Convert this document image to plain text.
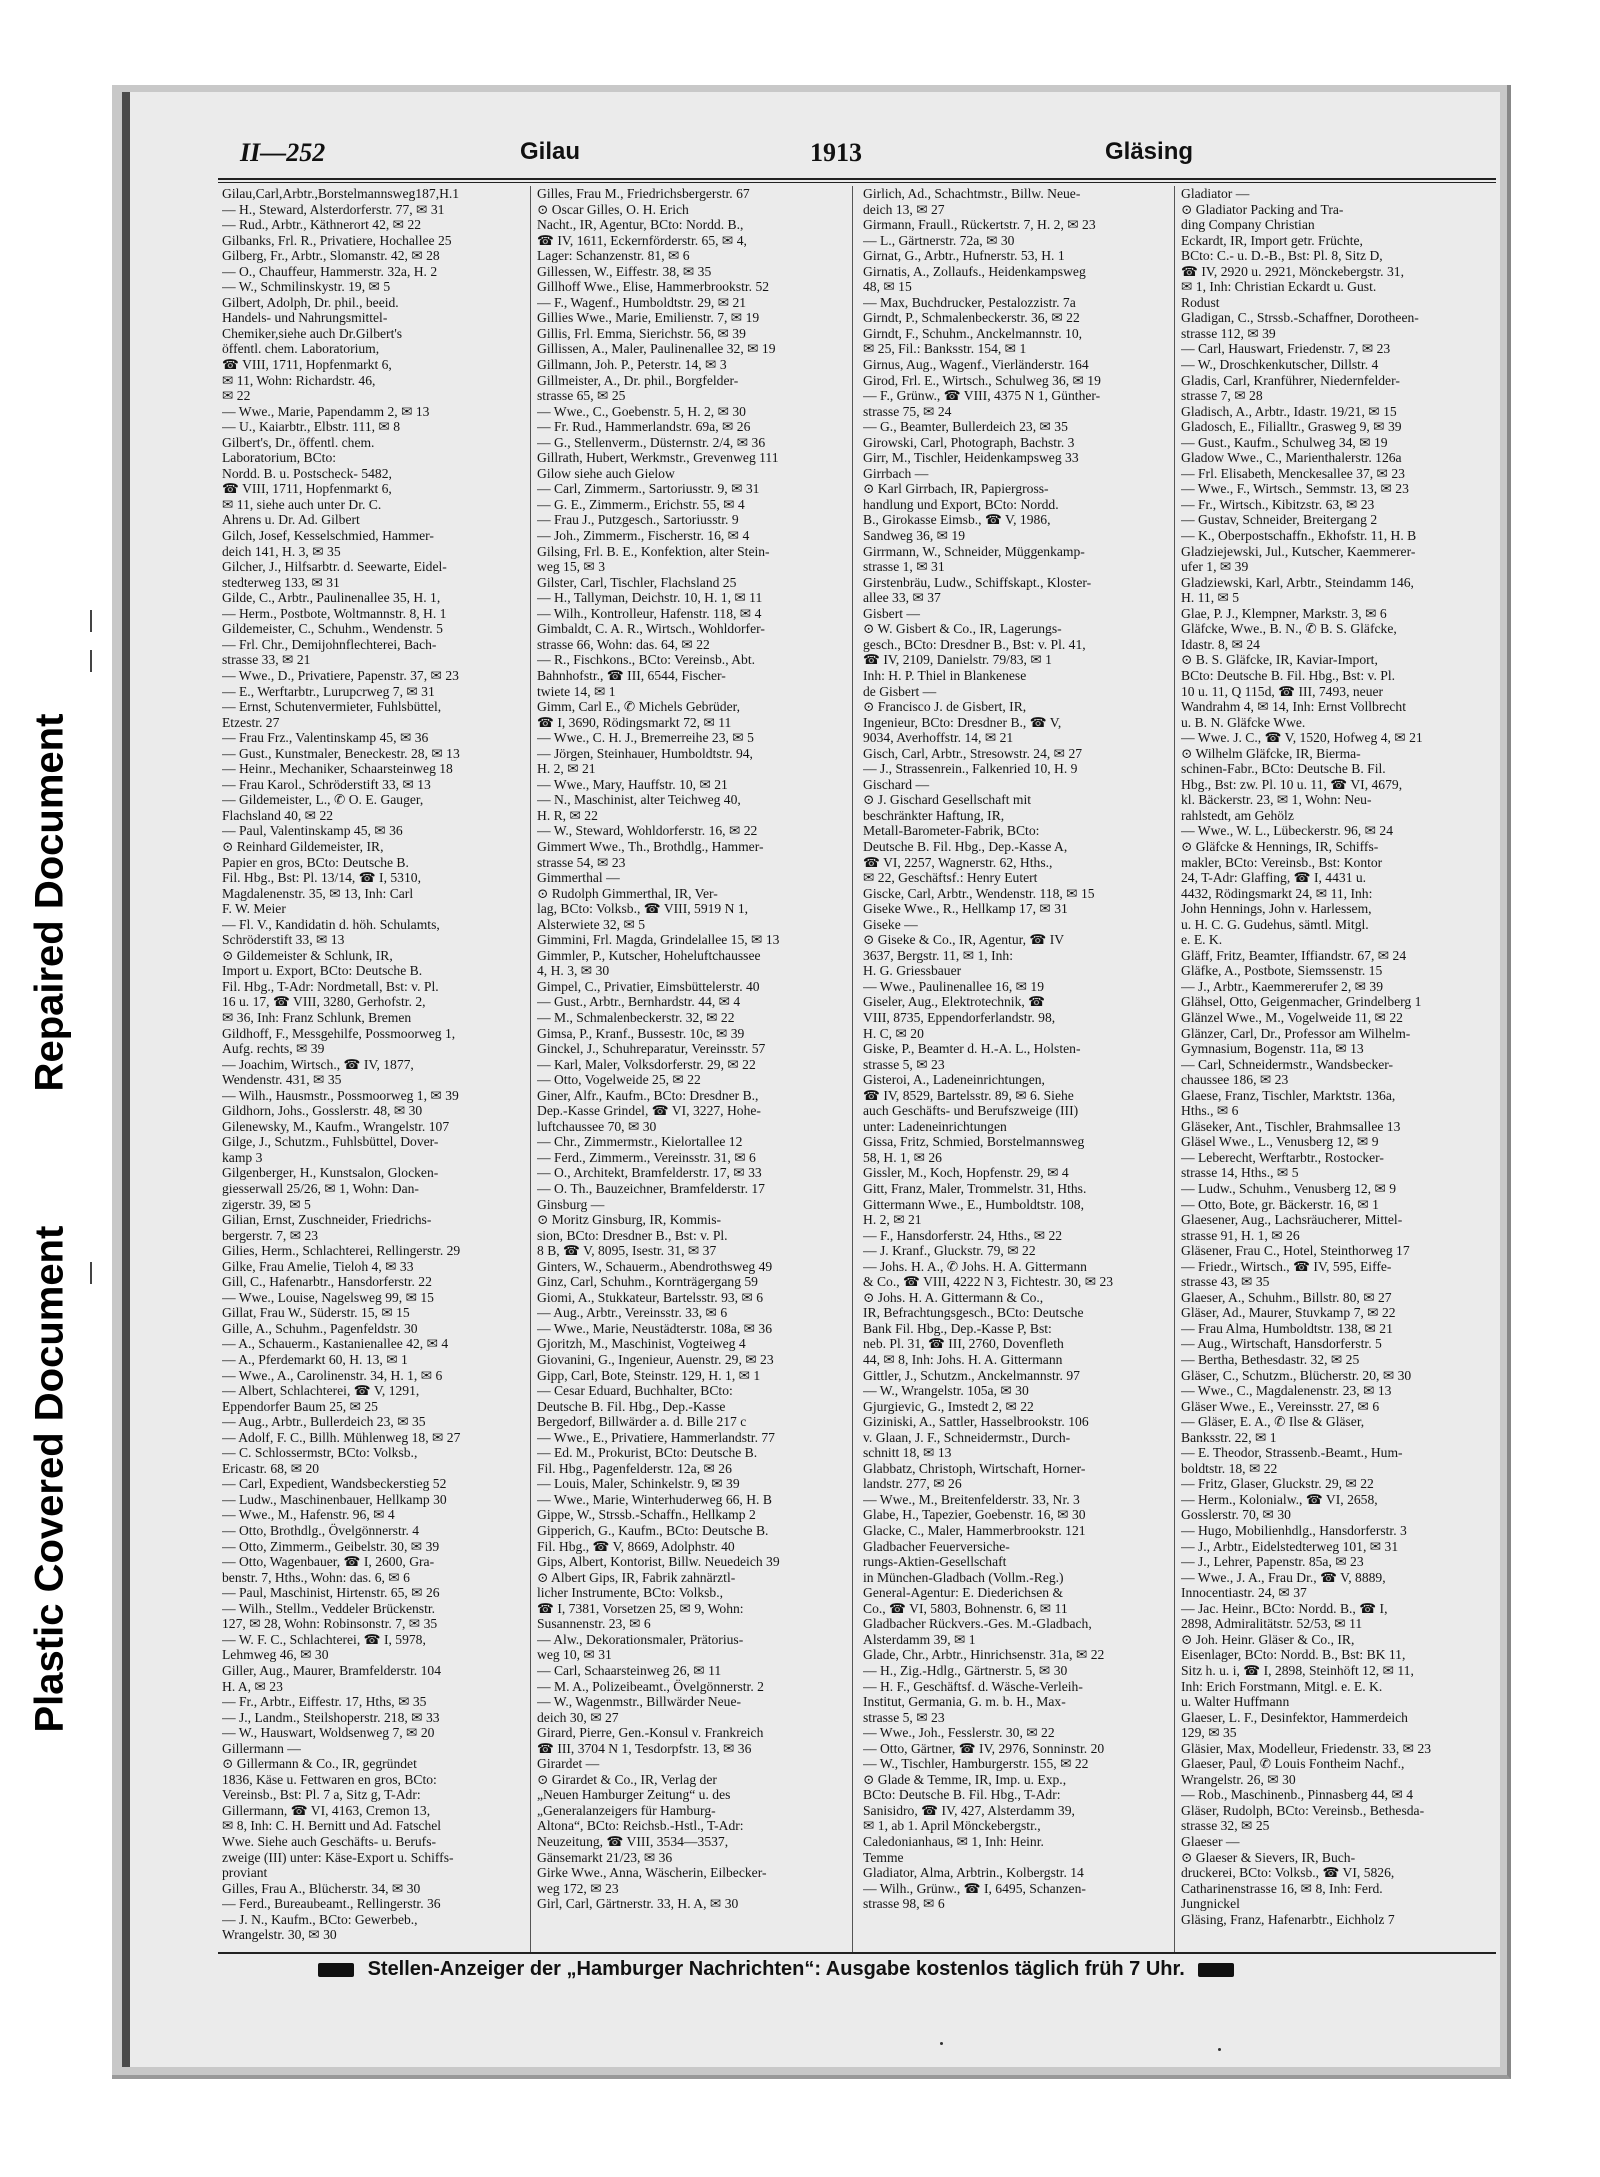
Repaired Document
Plastic Covered Document
II—252	Gilau	1913	Gläsing
Gilau,Carl,Arbtr.,Borstelmannsweg187,H.1
— H., Steward, Alsterdorferstr. 77, ✉ 31
— Rud., Arbtr., Käthnerort 42, ✉ 22
Gilbanks, Frl. R., Privatiere, Hochallee 25
Gilberg, Fr., Arbtr., Slomanstr. 42, ✉ 28
— O., Chauffeur, Hammerstr. 32a, H. 2
— W., Schmilinskystr. 19, ✉ 5
Gilbert, Adolph, Dr. phil., beeid.
Handels- und Nahrungsmittel-
Chemiker,siehe auch Dr.Gilbert's
öffentl. chem. Laboratorium,
☎ VIII, 1711, Hopfenmarkt 6,
✉ 11, Wohn: Richardstr. 46,
✉ 22
— Wwe., Marie, Papendamm 2, ✉ 13
— U., Kaiarbtr., Elbstr. 111, ✉ 8
Gilbert's, Dr., öffentl. chem.
Laboratorium, BCto:
Nordd. B. u. Postscheck- 5482,
☎ VIII, 1711, Hopfenmarkt 6,
✉ 11, siehe auch unter Dr. C.
Ahrens u. Dr. Ad. Gilbert
Gilch, Josef, Kesselschmied, Hammer-
deich 141, H. 3, ✉ 35
Gilcher, J., Hilfsarbtr. d. Seewarte, Eidel-
stedterweg 133, ✉ 31
Gilde, C., Arbtr., Paulinenallee 35, H. 1,
— Herm., Postbote, Woltmannstr. 8, H. 1
Gildemeister, C., Schuhm., Wendenstr. 5
— Frl. Chr., Demijohnflechterei, Bach-
strasse 33, ✉ 21
— Wwe., D., Privatiere, Papenstr. 37, ✉ 23
— E., Werftarbtr., Lurupcrweg 7, ✉ 31
— Ernst, Schutenvermieter, Fuhlsbüttel,
Etzestr. 27
— Frau Frz., Valentinskamp 45, ✉ 36
— Gust., Kunstmaler, Beneckestr. 28, ✉ 13
— Heinr., Mechaniker, Schaarsteinweg 18
— Frau Karol., Schröderstift 33, ✉ 13
— Gildemeister, L., ✆ O. E. Gauger,
Flachsland 40, ✉ 22
— Paul, Valentinskamp 45, ✉ 36
⊙ Reinhard Gildemeister, IR,
Papier en gros, BCto: Deutsche B.
Fil. Hbg., Bst: Pl. 13/14, ☎ I, 5310,
Magdalenenstr. 35, ✉ 13, Inh: Carl
F. W. Meier
— Fl. V., Kandidatin d. höh. Schulamts,
Schröderstift 33, ✉ 13
⊙ Gildemeister & Schlunk, IR,
Import u. Export, BCto: Deutsche B.
Fil. Hbg., T-Adr: Nordmetall, Bst: v. Pl.
16 u. 17, ☎ VIII, 3280, Gerhofstr. 2,
✉ 36, Inh: Franz Schlunk, Bremen
Gildhoff, F., Messgehilfe, Possmoorweg 1,
Aufg. rechts, ✉ 39
— Joachim, Wirtsch., ☎ IV, 1877,
Wendenstr. 431, ✉ 35
— Wilh., Hausmstr., Possmoorweg 1, ✉ 39
Gildhorn, Johs., Gosslerstr. 48, ✉ 30
Gilenewsky, M., Kaufm., Wrangelstr. 107
Gilge, J., Schutzm., Fuhlsbüttel, Dover-
kamp 3
Gilgenberger, H., Kunstsalon, Glocken-
giesserwall 25/26, ✉ 1, Wohn: Dan-
zigerstr. 39, ✉ 5
Gilian, Ernst, Zuschneider, Friedrichs-
bergerstr. 7, ✉ 23
Gilies, Herm., Schlachterei, Rellingerstr. 29
Gilke, Frau Amelie, Tieloh 4, ✉ 33
Gill, C., Hafenarbtr., Hansdorferstr. 22
— Wwe., Louise, Nagelsweg 99, ✉ 15
Gillat, Frau W., Süderstr. 15, ✉ 15
Gille, A., Schuhm., Pagenfeldstr. 30
— A., Schauerm., Kastanienallee 42, ✉ 4
— A., Pferdemarkt 60, H. 13, ✉ 1
— Wwe., A., Carolinenstr. 34, H. 1, ✉ 6
— Albert, Schlachterei, ☎ V, 1291,
Eppendorfer Baum 25, ✉ 25
— Aug., Arbtr., Bullerdeich 23, ✉ 35
— Adolf, F. C., Billh. Mühlenweg 18, ✉ 27
— C. Schlossermstr, BCto: Volksb.,
Ericastr. 68, ✉ 20
— Carl, Expedient, Wandsbeckerstieg 52
— Ludw., Maschinenbauer, Hellkamp 30
— Wwe., M., Hafenstr. 96, ✉ 4
— Otto, Brothdlg., Övelgönnerstr. 4
— Otto, Zimmerm., Geibelstr. 30, ✉ 39
— Otto, Wagenbauer, ☎ I, 2600, Gra-
benstr. 7, Hths., Wohn: das. 6, ✉ 6
— Paul, Maschinist, Hirtenstr. 65, ✉ 26
— Wilh., Stellm., Veddeler Brückenstr.
127, ✉ 28, Wohn: Robinsonstr. 7, ✉ 35
— W. F. C., Schlachterei, ☎ I, 5978,
Lehmweg 46, ✉ 30
Giller, Aug., Maurer, Bramfelderstr. 104
H. A, ✉ 23
— Fr., Arbtr., Eiffestr. 17, Hths, ✉ 35
— J., Landm., Steilshoperstr. 218, ✉ 33
— W., Hauswart, Woldsenweg 7, ✉ 20
Gillermann —
⊙ Gillermann & Co., IR, gegründet
1836, Käse u. Fettwaren en gros, BCto:
Vereinsb., Bst: Pl. 7 a, Sitz g, T-Adr:
Gillermann, ☎ VI, 4163, Cremon 13,
✉ 8, Inh: C. H. Bernitt und Ad. Fatschel
Wwe. Siehe auch Geschäfts- u. Berufs-
zweige (III) unter: Käse-Export u. Schiffs-
proviant
Gilles, Frau A., Blücherstr. 34, ✉ 30
— Ferd., Bureaubeamt., Rellingerstr. 36
— J. N., Kaufm., BCto: Gewerbeb.,
Wrangelstr. 30, ✉ 30
Gilles, Frau M., Friedrichsbergerstr. 67
⊙ Oscar Gilles, O. H. Erich
Nacht., IR, Agentur, BCto: Nordd. B.,
☎ IV, 1611, Eckernförderstr. 65, ✉ 4,
Lager: Schanzenstr. 81, ✉ 6
Gillessen, W., Eiffestr. 38, ✉ 35
Gillhoff Wwe., Elise, Hammerbrookstr. 52
— F., Wagenf., Humboldtstr. 29, ✉ 21
Gillies Wwe., Marie, Emilienstr. 7, ✉ 19
Gillis, Frl. Emma, Sierichstr. 56, ✉ 39
Gillissen, A., Maler, Paulinenallee 32, ✉ 19
Gillmann, Joh. P., Peterstr. 14, ✉ 3
Gillmeister, A., Dr. phil., Borgfelder-
strasse 65, ✉ 25
— Wwe., C., Goebenstr. 5, H. 2, ✉ 30
— Fr. Rud., Hammerlandstr. 69a, ✉ 26
— G., Stellenverm., Düsternstr. 2/4, ✉ 36
Gillrath, Hubert, Werkmstr., Grevenweg 111
Gilow siehe auch Gielow
— Carl, Zimmerm., Sartoriusstr. 9, ✉ 31
— G. E., Zimmerm., Erichstr. 55, ✉ 4
— Frau J., Putzgesch., Sartoriusstr. 9
— Joh., Zimmerm., Fischerstr. 16, ✉ 4
Gilsing, Frl. B. E., Konfektion, alter Stein-
weg 15, ✉ 3
Gilster, Carl, Tischler, Flachsland 25
— H., Tallyman, Deichstr. 10, H. 1, ✉ 11
— Wilh., Kontrolleur, Hafenstr. 118, ✉ 4
Gimbaldt, C. A. R., Wirtsch., Wohldorfer-
strasse 66, Wohn: das. 64, ✉ 22
— R., Fischkons., BCto: Vereinsb., Abt.
Bahnhofstr., ☎ III, 6544, Fischer-
twiete 14, ✉ 1
Gimm, Carl E., ✆ Michels Gebrüder,
☎ I, 3690, Rödingsmarkt 72, ✉ 11
— Wwe., C. H. J., Bremerreihe 23, ✉ 5
— Jörgen, Steinhauer, Humboldtstr. 94,
H. 2, ✉ 21
— Wwe., Mary, Hauffstr. 10, ✉ 21
— N., Maschinist, alter Teichweg 40,
H. R, ✉ 22
— W., Steward, Wohldorferstr. 16, ✉ 22
Gimmert Wwe., Th., Brothdlg., Hammer-
strasse 54, ✉ 23
Gimmerthal —
⊙ Rudolph Gimmerthal, IR, Ver-
lag, BCto: Volksb., ☎ VIII, 5919 N 1,
Alsterwiete 32, ✉ 5
Gimmini, Frl. Magda, Grindelallee 15, ✉ 13
Gimmler, P., Kutscher, Hoheluftchaussee
4, H. 3, ✉ 30
Gimpel, C., Privatier, Eimsbüttelerstr. 40
— Gust., Arbtr., Bernhardstr. 44, ✉ 4
— M., Schmalenbeckerstr. 32, ✉ 22
Gimsa, P., Kranf., Bussestr. 10c, ✉ 39
Ginckel, J., Schuhreparatur, Vereinsstr. 57
— Karl, Maler, Volksdorferstr. 29, ✉ 22
— Otto, Vogelweide 25, ✉ 22
Giner, Alfr., Kaufm., BCto: Dresdner B.,
Dep.-Kasse Grindel, ☎ VI, 3227, Hohe-
luftchaussee 70, ✉ 30
— Chr., Zimmermstr., Kielortallee 12
— Ferd., Zimmerm., Vereinsstr. 31, ✉ 6
— O., Architekt, Bramfelderstr. 17, ✉ 33
— O. Th., Bauzeichner, Bramfelderstr. 17
Ginsburg —
⊙ Moritz Ginsburg, IR, Kommis-
sion, BCto: Dresdner B., Bst: v. Pl.
8 B, ☎ V, 8095, Isestr. 31, ✉ 37
Ginters, W., Schauerm., Abendrothsweg 49
Ginz, Carl, Schuhm., Kornträgergang 59
Giomi, A., Stukkateur, Bartelsstr. 93, ✉ 6
— Aug., Arbtr., Vereinsstr. 33, ✉ 6
— Wwe., Marie, Neustädterstr. 108a, ✉ 36
Gjoritzh, M., Maschinist, Vogteiweg 4
Giovanini, G., Ingenieur, Auenstr. 29, ✉ 23
Gipp, Carl, Bote, Steinstr. 129, H. 1, ✉ 1
— Cesar Eduard, Buchhalter, BCto:
Deutsche B. Fil. Hbg., Dep.-Kasse
Bergedorf, Billwärder a. d. Bille 217 c
— Wwe., E., Privatiere, Hammerlandstr. 77
— Ed. M., Prokurist, BCto: Deutsche B.
Fil. Hbg., Pagenfelderstr. 12a, ✉ 26
— Louis, Maler, Schinkelstr. 9, ✉ 39
— Wwe., Marie, Winterhuderweg 66, H. B
Gippe, W., Strssb.-Schaffn., Hellkamp 2
Gipperich, G., Kaufm., BCto: Deutsche B.
Fil. Hbg., ☎ V, 8669, Adolphstr. 40
Gips, Albert, Kontorist, Billw. Neuedeich 39
⊙ Albert Gips, IR, Fabrik zahnärztl-
licher Instrumente, BCto: Volksb.,
☎ I, 7381, Vorsetzen 25, ✉ 9, Wohn:
Susannenstr. 23, ✉ 6
— Alw., Dekorationsmaler, Prätorius-
weg 10, ✉ 31
— Carl, Schaarsteinweg 26, ✉ 11
— M. A., Polizeibeamt., Övelgönnerstr. 2
— W., Wagenmstr., Billwärder Neue-
deich 30, ✉ 27
Girard, Pierre, Gen.-Konsul v. Frankreich
☎ III, 3704 N 1, Tesdorpfstr. 13, ✉ 36
Girardet —
⊙ Girardet & Co., IR, Verlag der
„Neuen Hamburger Zeitung“ u. des
„Generalanzeigers für Hamburg-
Altona“, BCto: Reichsb.-Hstl., T-Adr:
Neuzeitung, ☎ VIII, 3534—3537,
Gänsemarkt 21/23, ✉ 36
Girke Wwe., Anna, Wäscherin, Eilbecker-
weg 172, ✉ 23
Girl, Carl, Gärtnerstr. 33, H. A, ✉ 30
Girlich, Ad., Schachtmstr., Billw. Neue-
deich 13, ✉ 27
Girmann, Fraull., Rückertstr. 7, H. 2, ✉ 23
— L., Gärtnerstr. 72a, ✉ 30
Girnat, G., Arbtr., Hufnerstr. 53, H. 1
Girnatis, A., Zollaufs., Heidenkampsweg
48, ✉ 15
— Max, Buchdrucker, Pestalozzistr. 7a
Girndt, P., Schmalenbeckerstr. 36, ✉ 22
Girndt, F., Schuhm., Anckelmannstr. 10,
✉ 25, Fil.: Banksstr. 154, ✉ 1
Girnus, Aug., Wagenf., Vierländerstr. 164
Girod, Frl. E., Wirtsch., Schulweg 36, ✉ 19
— F., Grünw., ☎ VIII, 4375 N 1, Günther-
strasse 75, ✉ 24
— G., Beamter, Bullerdeich 23, ✉ 35
Girowski, Carl, Photograph, Bachstr. 3
Girr, M., Tischler, Heidenkampsweg 33
Girrbach —
⊙ Karl Girrbach, IR, Papiergross-
handlung und Export, BCto: Nordd.
B., Girokasse Eimsb., ☎ V, 1986,
Sandweg 36, ✉ 19
Girrmann, W., Schneider, Müggenkamp-
strasse 1, ✉ 31
Girstenbräu, Ludw., Schiffskapt., Kloster-
allee 33, ✉ 37
Gisbert —
⊙ W. Gisbert & Co., IR, Lagerungs-
gesch., BCto: Dresdner B., Bst: v. Pl. 41,
☎ IV, 2109, Danielstr. 79/83, ✉ 1
Inh: H. P. Thiel in Blankenese
de Gisbert —
⊙ Francisco J. de Gisbert, IR,
Ingenieur, BCto: Dresdner B., ☎ V,
9034, Averhoffstr. 14, ✉ 21
Gisch, Carl, Arbtr., Stresowstr. 24, ✉ 27
— J., Strassenrein., Falkenried 10, H. 9
Gischard —
⊙ J. Gischard Gesellschaft mit
beschränkter Haftung, IR,
Metall-Barometer-Fabrik, BCto:
Deutsche B. Fil. Hbg., Dep.-Kasse A,
☎ VI, 2257, Wagnerstr. 62, Hths.,
✉ 22, Geschäftsf.: Henry Eutert
Giscke, Carl, Arbtr., Wendenstr. 118, ✉ 15
Giseke Wwe., R., Hellkamp 17, ✉ 31
Giseke —
⊙ Giseke & Co., IR, Agentur, ☎ IV
3637, Bergstr. 11, ✉ 1, Inh:
H. G. Griessbauer
— Wwe., Paulinenallee 16, ✉ 19
Giseler, Aug., Elektrotechnik, ☎
VIII, 8735, Eppendorferlandstr. 98,
H. C, ✉ 20
Giske, P., Beamter d. H.-A. L., Holsten-
strasse 5, ✉ 23
Gisteroi, A., Ladeneinrichtungen,
☎ IV, 8529, Bartelsstr. 89, ✉ 6. Siehe
auch Geschäfts- und Berufszweige (III)
unter: Ladeneinrichtungen
Gissa, Fritz, Schmied, Borstelmannsweg
58, H. 1, ✉ 26
Gissler, M., Koch, Hopfenstr. 29, ✉ 4
Gitt, Franz, Maler, Trommelstr. 31, Hths.
Gittermann Wwe., E., Humboldtstr. 108,
H. 2, ✉ 21
— F., Hansdorferstr. 24, Hths., ✉ 22
— J. Kranf., Gluckstr. 79, ✉ 22
— Johs. H. A., ✆ Johs. H. A. Gittermann
& Co., ☎ VIII, 4222 N 3, Fichtestr. 30, ✉ 23
⊙ Johs. H. A. Gittermann & Co.,
IR, Befrachtungsgesch., BCto: Deutsche
Bank Fil. Hbg., Dep.-Kasse P, Bst:
neb. Pl. 31, ☎ III, 2760, Dovenfleth
44, ✉ 8, Inh: Johs. H. A. Gittermann
Gittler, J., Schutzm., Anckelmannstr. 97
— W., Wrangelstr. 105a, ✉ 30
Gjurgievic, G., Imstedt 2, ✉ 22
Giziniski, A., Sattler, Hasselbrookstr. 106
v. Glaan, J. F., Schneidermstr., Durch-
schnitt 18, ✉ 13
Glabbatz, Christoph, Wirtschaft, Horner-
landstr. 277, ✉ 26
— Wwe., M., Breitenfelderstr. 33, Nr. 3
Glabe, H., Tapezier, Goebenstr. 16, ✉ 30
Glacke, C., Maler, Hammerbrookstr. 121
Gladbacher Feuerversiche-
rungs-Aktien-Gesellschaft
in München-Gladbach (Vollm.-Reg.)
General-Agentur: E. Diederichsen &
Co., ☎ VI, 5803, Bohnenstr. 6, ✉ 11
Gladbacher Rückvers.-Ges. M.-Gladbach,
Alsterdamm 39, ✉ 1
Glade, Chr., Arbtr., Hinrichsenstr. 31a, ✉ 22
— H., Zig.-Hdlg., Gärtnerstr. 5, ✉ 30
— H. F., Geschäftsf. d. Wäsche-Verleih-
Institut, Germania, G. m. b. H., Max-
strasse 5, ✉ 23
— Wwe., Joh., Fesslerstr. 30, ✉ 22
— Otto, Gärtner, ☎ IV, 2976, Sonninstr. 20
— W., Tischler, Hamburgerstr. 155, ✉ 22
⊙ Glade & Temme, IR, Imp. u. Exp.,
BCto: Deutsche B. Fil. Hbg., T-Adr:
Sanisidro, ☎ IV, 427, Alsterdamm 39,
✉ 1, ab 1. April Mönckebergstr.,
Caledonianhaus, ✉ 1, Inh: Heinr.
Temme
Gladiator, Alma, Arbtrin., Kolbergstr. 14
— Wilh., Grünw., ☎ I, 6495, Schanzen-
strasse 98, ✉ 6
Gladiator —
⊙ Gladiator Packing and Tra-
ding Company Christian
Eckardt, IR, Import getr. Früchte,
BCto: C.- u. D.-B., Bst: Pl. 8, Sitz D,
☎ IV, 2920 u. 2921, Mönckebergstr. 31,
✉ 1, Inh: Christian Eckardt u. Gust.
Rodust
Gladigan, C., Strssb.-Schaffner, Dorotheen-
strasse 112, ✉ 39
— Carl, Hauswart, Friedenstr. 7, ✉ 23
— W., Droschkenkutscher, Dillstr. 4
Gladis, Carl, Kranführer, Niedernfelder-
strasse 7, ✉ 28
Gladisch, A., Arbtr., Idastr. 19/21, ✉ 15
Gladosch, E., Filialltr., Grasweg 9, ✉ 39
— Gust., Kaufm., Schulweg 34, ✉ 19
Gladow Wwe., C., Marienthalerstr. 126a
— Frl. Elisabeth, Menckesallee 37, ✉ 23
— Wwe., F., Wirtsch., Semmstr. 13, ✉ 23
— Fr., Wirtsch., Kibitzstr. 63, ✉ 23
— Gustav, Schneider, Breitergang 2
— K., Oberpostschaffn., Ekhofstr. 11, H. B
Gladziejewski, Jul., Kutscher, Kaemmerer-
ufer 1, ✉ 39
Gladziewski, Karl, Arbtr., Steindamm 146,
H. 11, ✉ 5
Glae, P. J., Klempner, Markstr. 3, ✉ 6
Gläfcke, Wwe., B. N., ✆ B. S. Gläfcke,
Idastr. 8, ✉ 24
⊙ B. S. Gläfcke, IR, Kaviar-Import,
BCto: Deutsche B. Fil. Hbg., Bst: v. Pl.
10 u. 11, Q 115d, ☎ III, 7493, neuer
Wandrahm 4, ✉ 14, Inh: Ernst Vollbrecht
u. B. N. Gläfcke Wwe.
— Wwe. J. C., ☎ V, 1520, Hofweg 4, ✉ 21
⊙ Wilhelm Gläfcke, IR, Bierma-
schinen-Fabr., BCto: Deutsche B. Fil.
Hbg., Bst: zw. Pl. 10 u. 11, ☎ VI, 4679,
kl. Bäckerstr. 23, ✉ 1, Wohn: Neu-
rahlstedt, am Gehölz
— Wwe., W. L., Lübeckerstr. 96, ✉ 24
⊙ Gläfcke & Hennings, IR, Schiffs-
makler, BCto: Vereinsb., Bst: Kontor
24, T-Adr: Glaffing, ☎ I, 4431 u.
4432, Rödingsmarkt 24, ✉ 11, Inh:
John Hennings, John v. Harlessem,
u. H. C. G. Gudehus, sämtl. Mitgl.
e. E. K.
Gläff, Fritz, Beamter, Iffiandstr. 67, ✉ 24
Gläfke, A., Postbote, Siemssenstr. 15
— J., Arbtr., Kaemmererufer 2, ✉ 39
Glähsel, Otto, Geigenmacher, Grindelberg 1
Glänzel Wwe., M., Vogelweide 11, ✉ 22
Glänzer, Carl, Dr., Professor am Wilhelm-
Gymnasium, Bogenstr. 11a, ✉ 13
— Carl, Schneidermstr., Wandsbecker-
chaussee 186, ✉ 23
Glaese, Franz, Tischler, Marktstr. 136a,
Hths., ✉ 6
Gläseker, Ant., Tischler, Brahmsallee 13
Gläsel Wwe., L., Venusberg 12, ✉ 9
— Leberecht, Werftarbtr., Rostocker-
strasse 14, Hths., ✉ 5
— Ludw., Schuhm., Venusberg 12, ✉ 9
— Otto, Bote, gr. Bäckerstr. 16, ✉ 1
Glaesener, Aug., Lachsräucherer, Mittel-
strasse 91, H. 1, ✉ 26
Gläsener, Frau C., Hotel, Steinthorweg 17
— Friedr., Wirtsch., ☎ IV, 595, Eiffe-
strasse 43, ✉ 35
Glaeser, A., Schuhm., Billstr. 80, ✉ 27
Gläser, Ad., Maurer, Stuvkamp 7, ✉ 22
— Frau Alma, Humboldtstr. 138, ✉ 21
— Aug., Wirtschaft, Hansdorferstr. 5
— Bertha, Bethesdastr. 32, ✉ 25
Gläser, C., Schutzm., Blücherstr. 20, ✉ 30
— Wwe., C., Magdalenenstr. 23, ✉ 13
Gläser Wwe., E., Vereinsstr. 27, ✉ 6
— Gläser, E. A., ✆ Ilse & Gläser,
Banksstr. 22, ✉ 1
— E. Theodor, Strassenb.-Beamt., Hum-
boldtstr. 18, ✉ 22
— Fritz, Glaser, Gluckstr. 29, ✉ 22
— Herm., Kolonialw., ☎ VI, 2658,
Gosslerstr. 70, ✉ 30
— Hugo, Mobilienhdlg., Hansdorferstr. 3
— J., Arbtr., Eidelstedterweg 101, ✉ 31
— J., Lehrer, Papenstr. 85a, ✉ 23
— Wwe., J. A., Frau Dr., ☎ V, 8889,
Innocentiastr. 24, ✉ 37
— Jac. Heinr., BCto: Nordd. B., ☎ I,
2898, Admiralitätstr. 52/53, ✉ 11
⊙ Joh. Heinr. Gläser & Co., IR,
Eisenlager, BCto: Nordd. B., Bst: BK 11,
Sitz h. u. i, ☎ I, 2898, Steinhöft 12, ✉ 11,
Inh: Erich Forstmann, Mitgl. e. E. K.
u. Walter Huffmann
Glaeser, L. F., Desinfektor, Hammerdeich
129, ✉ 35
Gläsier, Max, Modelleur, Friedenstr. 33, ✉ 23
Glaeser, Paul, ✆ Louis Fontheim Nachf.,
Wrangelstr. 26, ✉ 30
— Rob., Maschinenb., Pinnasberg 44, ✉ 4
Gläser, Rudolph, BCto: Vereinsb., Bethesda-
strasse 32, ✉ 25
Glaeser —
⊙ Glaeser & Sievers, IR, Buch-
druckerei, BCto: Volksb., ☎ VI, 5826,
Catharinenstrasse 16, ✉ 8, Inh: Ferd.
Jungnickel
Gläsing, Franz, Hafenarbtr., Eichholz 7
Stellen-Anzeiger der „Hamburger Nachrichten“: Ausgabe kostenlos täglich früh 7 Uhr.
